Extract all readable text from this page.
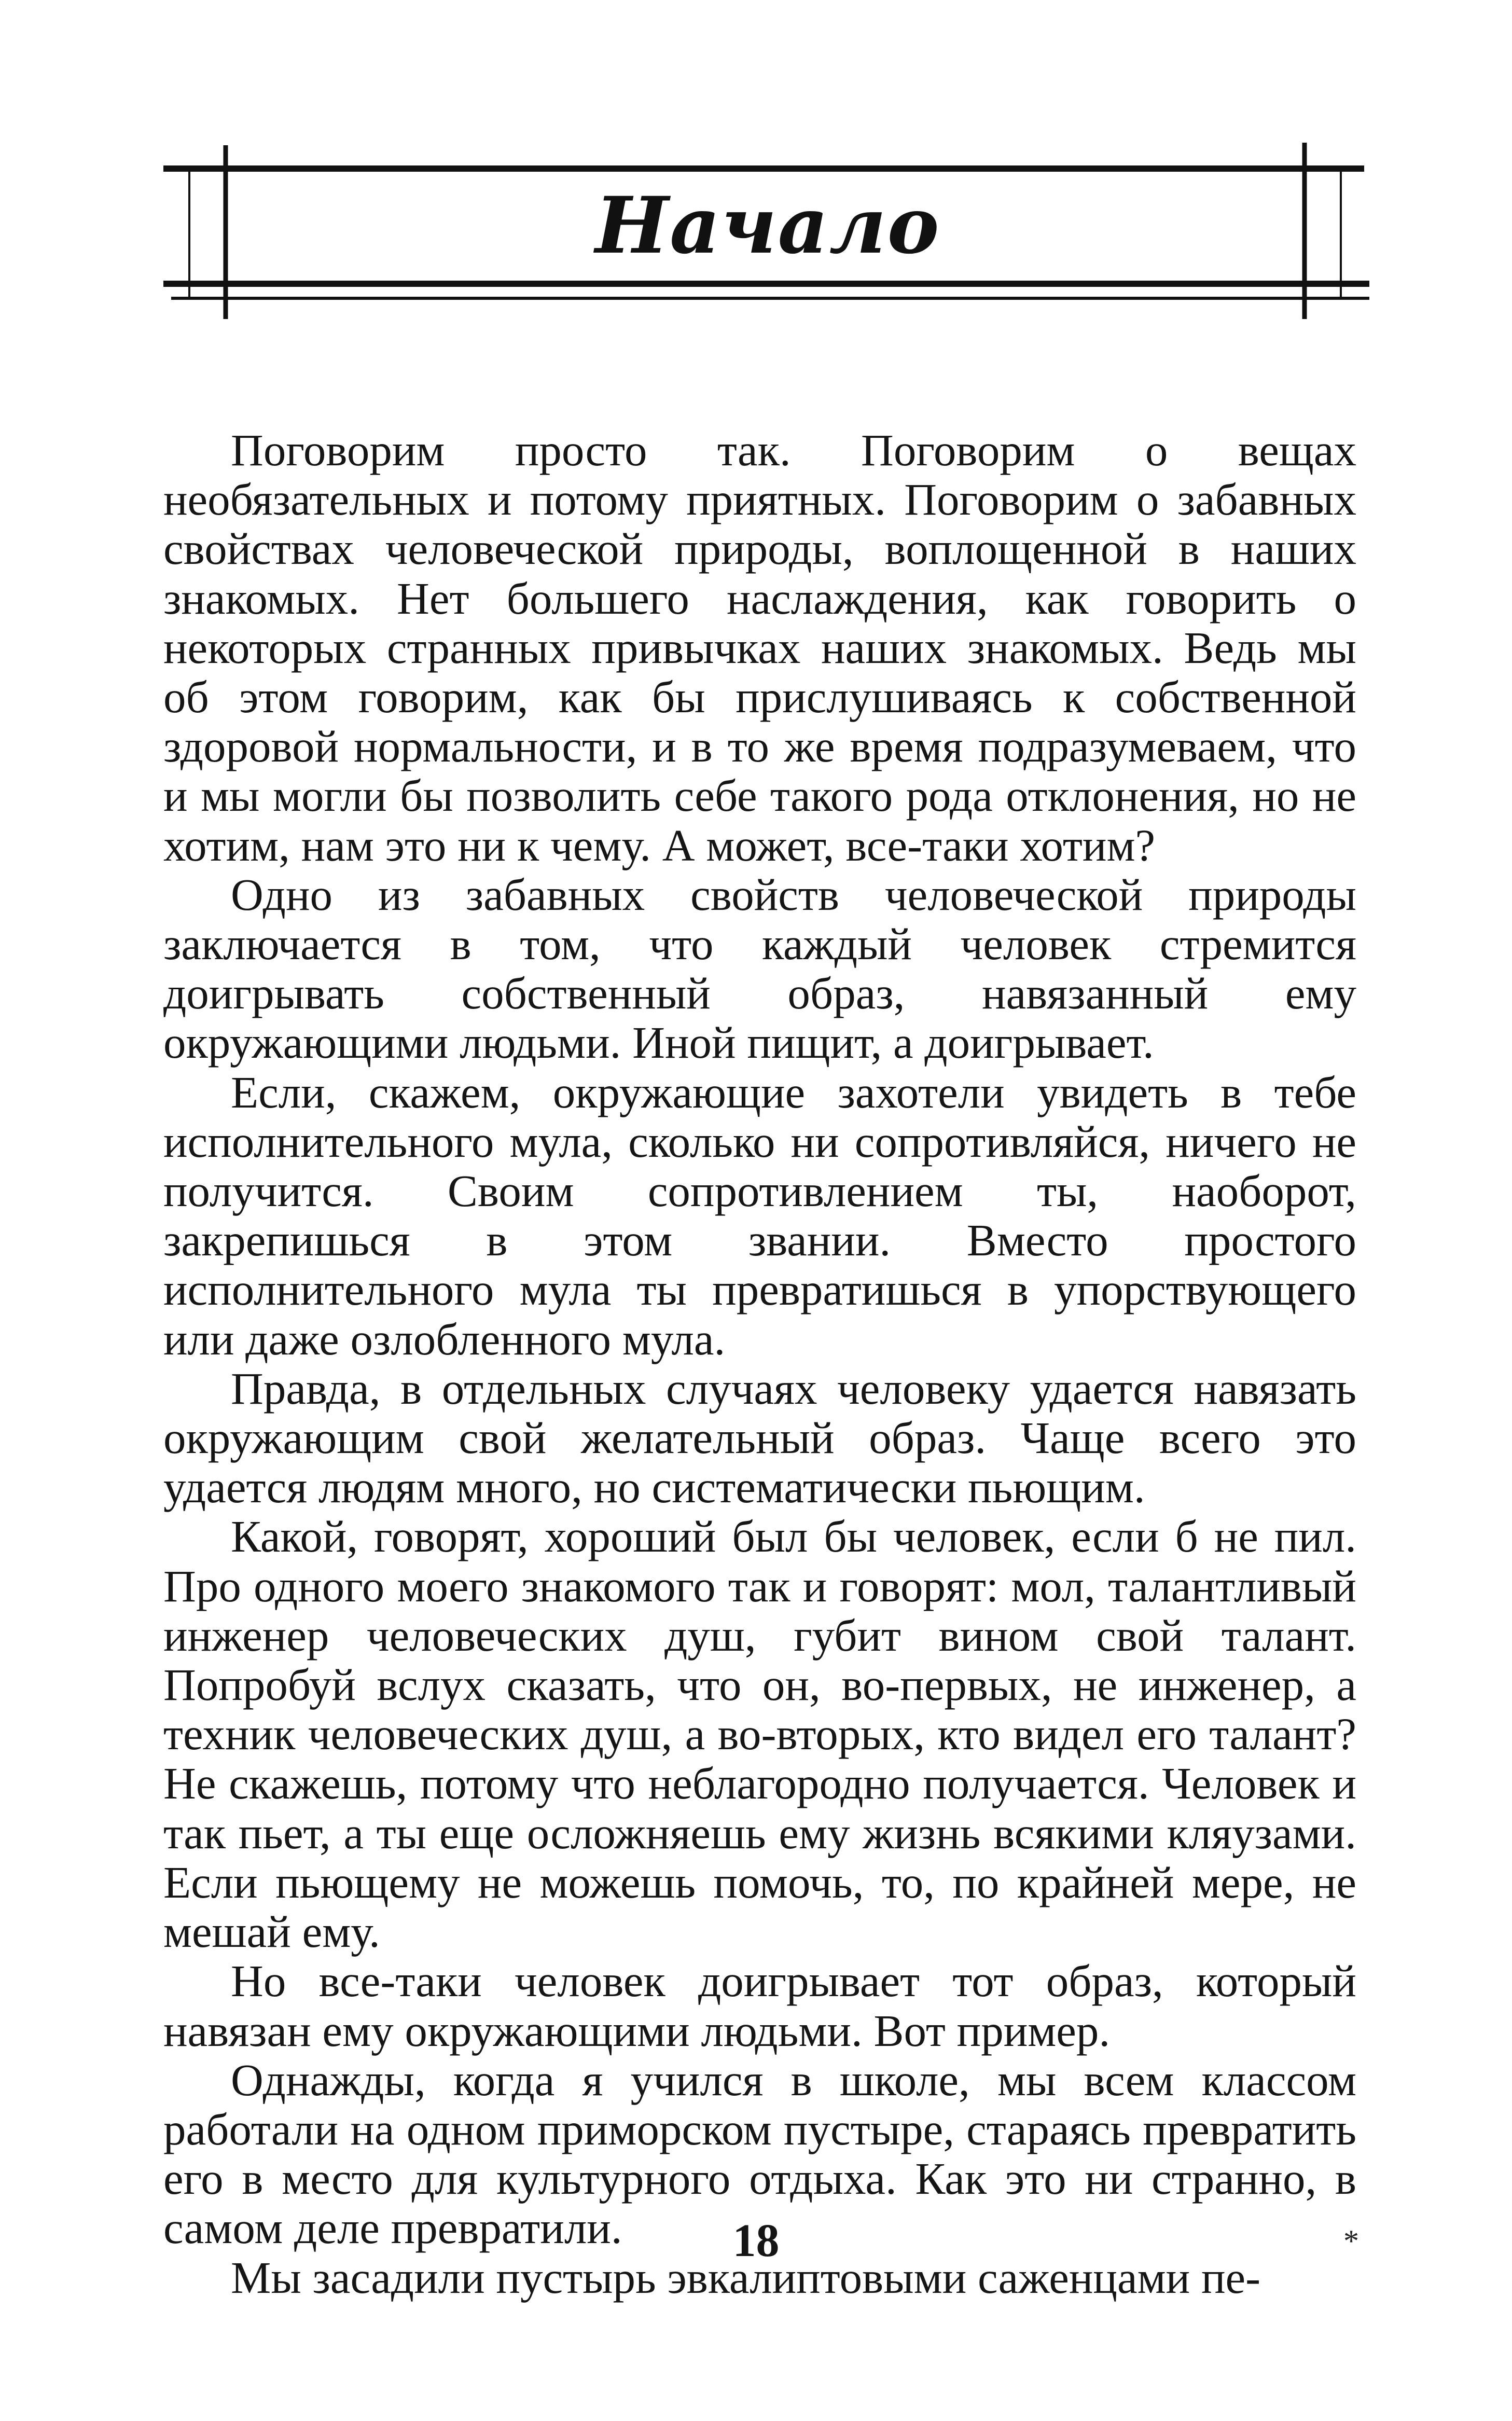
Начало

Поговорим просто так. Поговорим о вещах необязательных и потому приятных. Поговорим о забавных свойствах человеческой природы, воплощенной в наших знакомых. Нет большего наслаждения, как говорить о некоторых странных привычках наших знакомых. Ведь мы об этом говорим, как бы прислушиваясь к собственной здоровой нормальности, и в то же время подразумеваем, что и мы могли бы позволить себе такого рода отклонения, но не хотим, нам это ни к чему. А может, все-таки хотим?

Одно из забавных свойств человеческой природы заключается в том, что каждый человек стремится доигрывать собственный образ, навязанный ему окружающими людьми. Иной пищит, а доигрывает.

Если, скажем, окружающие захотели увидеть в тебе исполнительного мула, сколько ни сопротивляйся, ничего не получится. Своим сопротивлением ты, наоборот, закрепишься в этом звании. Вместо простого исполнительного мула ты превратишься в упорствующего или даже озлобленного мула.

Правда, в отдельных случаях человеку удается навязать окружающим свой желательный образ. Чаще всего это удается людям много, но систематически пьющим.

Какой, говорят, хороший был бы человек, если б не пил. Про одного моего знакомого так и говорят: мол, талантливый инженер человеческих душ, губит вином свой талант. Попробуй вслух сказать, что он, во-первых, не инженер, а техник человеческих душ, а во-вторых, кто видел его талант? Не скажешь, потому что неблагородно получается. Человек и так пьет, а ты еще осложняешь ему жизнь всякими кляузами. Если пьющему не можешь помочь, то, по крайней мере, не мешай ему.

Но все-таки человек доигрывает тот образ, который навязан ему окружающими людьми. Вот пример.

Однажды, когда я учился в школе, мы всем классом работали на одном приморском пустыре, стараясь превратить его в место для культурного отдыха. Как это ни странно, в самом деле превратили.

Мы засадили пустырь эвкалиптовыми саженцами пе-

18	*
